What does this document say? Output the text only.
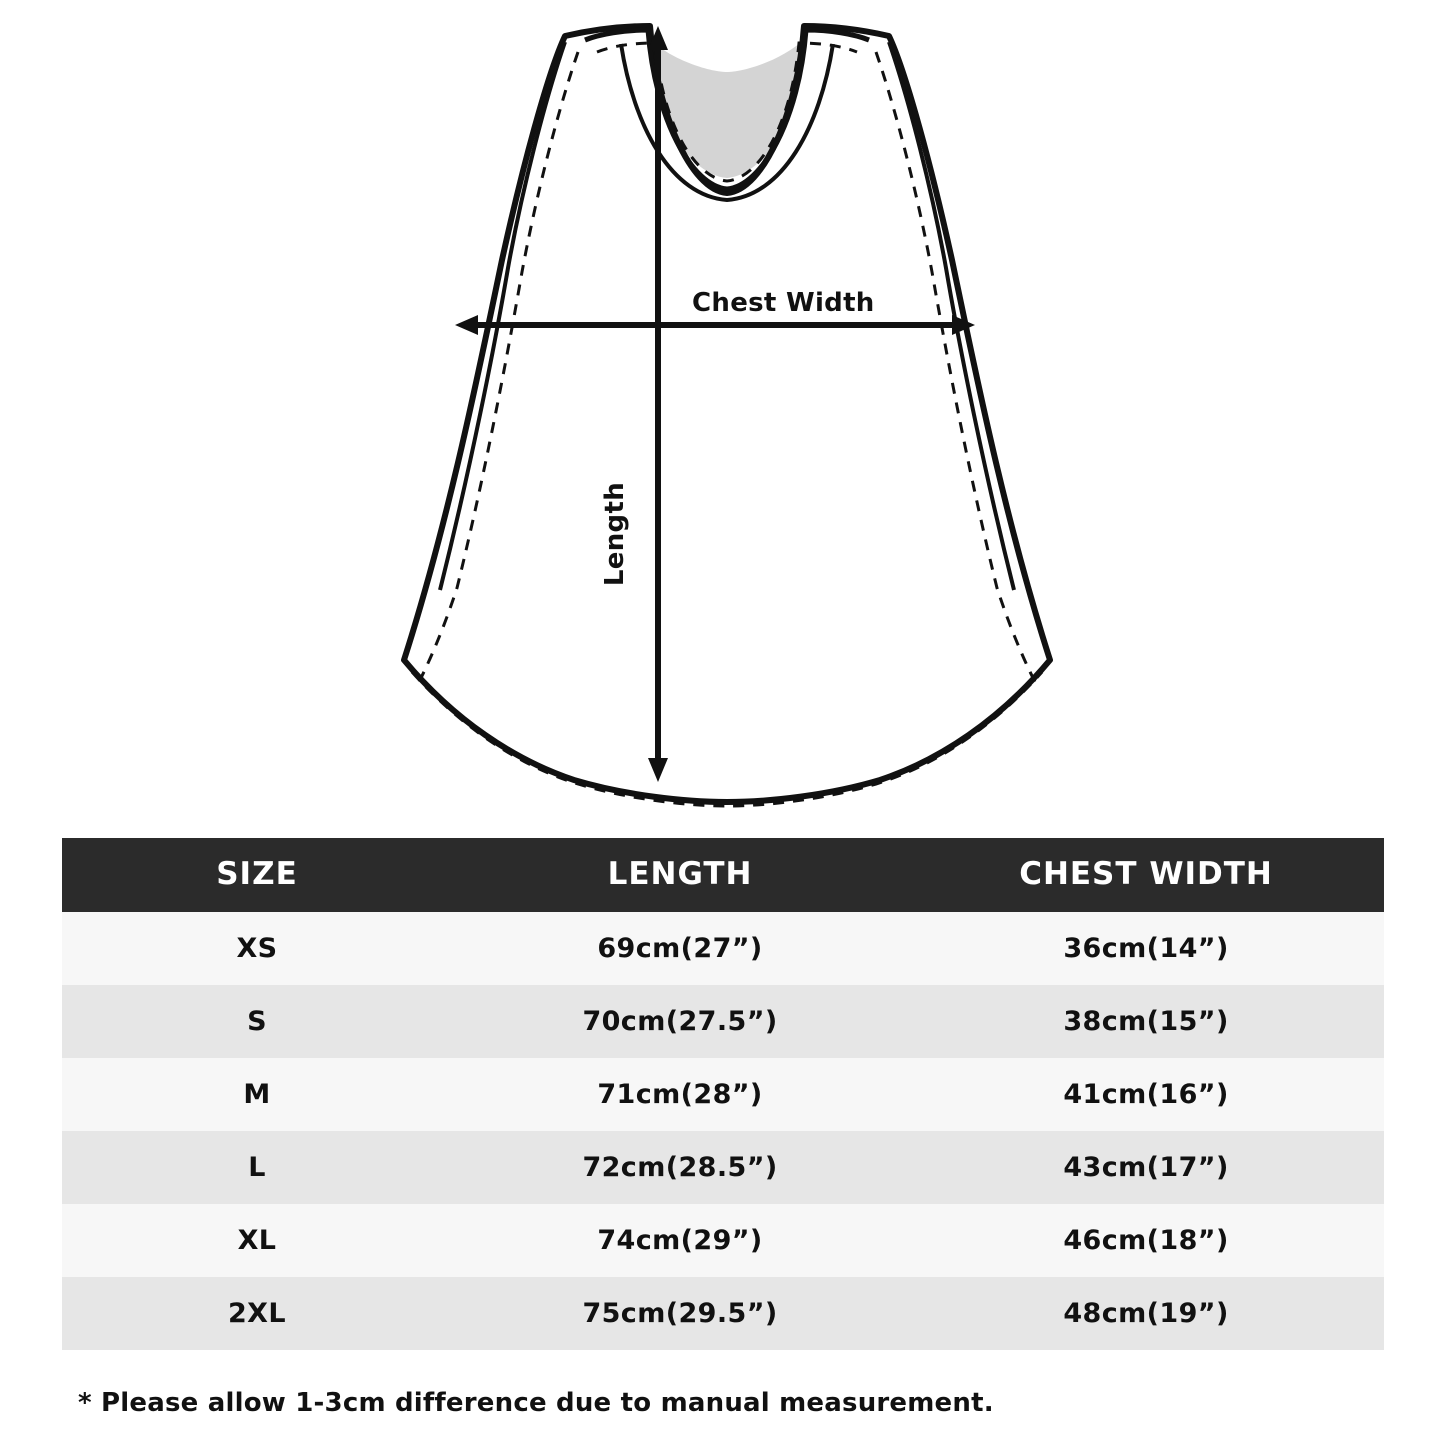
Chest Width
Length
SIZE	LENGTH	CHEST WIDTH
XS	69cm(27”)	36cm(14”)
S	70cm(27.5”)	38cm(15”)
M	71cm(28”)	41cm(16”)
L	72cm(28.5”)	43cm(17”)
XL	74cm(29”)	46cm(18”)
2XL	75cm(29.5”)	48cm(19”)
* Please allow 1-3cm difference due to manual measurement.
